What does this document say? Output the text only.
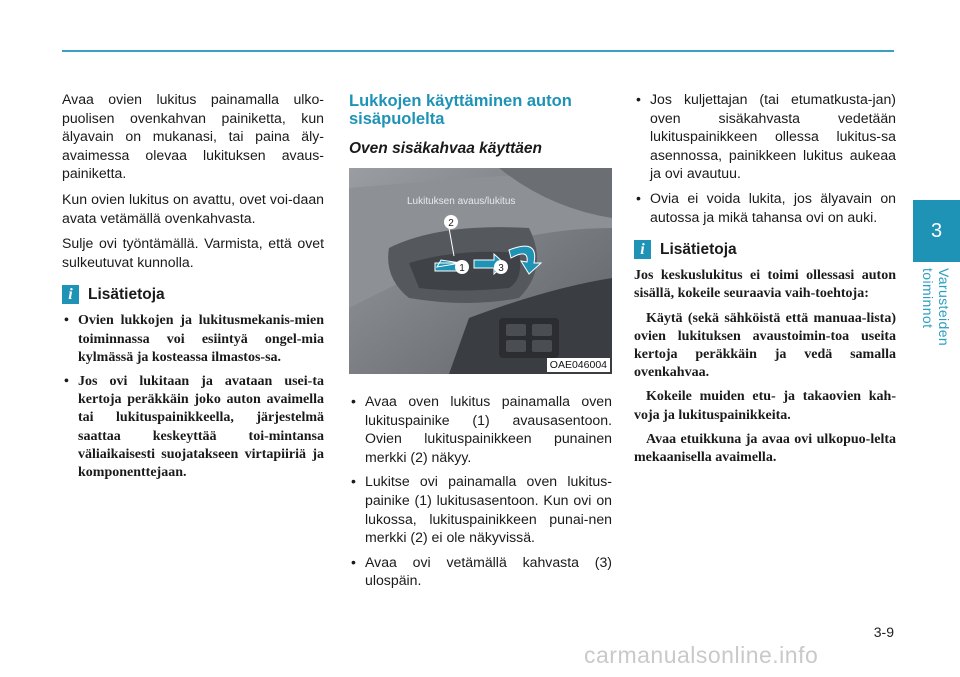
3
Varusteiden toiminnot

Avaa ovien lukitus painamalla ulko-puolisen ovenkahvan painiketta, kun älyavain on mukanasi, tai paina äly-avaimessa olevaa lukituksen avaus-painiketta.

Kun ovien lukitus on avattu, ovet voi-daan avata vetämällä ovenkahvasta.

Sulje ovi työntämällä. Varmista, että ovet sulkeutuvat kunnolla.

i Lisätietoja
• Ovien lukkojen ja lukitusmekanis-mien toiminnassa voi esiintyä ongel-mia kylmässä ja kosteassa ilmastos-sa.
• Jos ovi lukitaan ja avataan usei-ta kertoja peräkkäin joko auton avaimella tai lukituspainikkeella, järjestelmä saattaa keskeyttää toi-mintansa väliaikaisesti suojatakseen virtapiiriä ja komponenttejaan.
Lukkojen käyttäminen auton sisäpuolelta
Oven sisäkahvaa käyttäen
2
1	3
Lukituksen avaus/lukitus
OAE046004
• Avaa oven lukitus painamalla oven lukituspainike (1) avausasentoon. Ovien lukituspainikkeen punainen merkki (2) näkyy.
• Lukitse ovi painamalla oven lukitus-painike (1) lukitusasentoon. Kun ovi on lukossa, lukituspainikkeen punai-nen merkki (2) ei ole näkyvissä.
• Avaa ovi vetämällä kahvasta (3) ulospäin.
• Jos kuljettajan (tai etumatkusta-jan) oven sisäkahvasta vedetään lukituspainikkeen ollessa lukitus-sa asennossa, painikkeen lukitus aukeaa ja ovi avautuu.
• Ovia ei voida lukita, jos älyavain on autossa ja mikä tahansa ovi on auki.
i Lisätietoja

Jos keskuslukitus ei toimi ollessasi auton sisällä, kokeile seuraavia vaih-toehtoja:

Käytä (sekä sähköistä että manuaa-lista) ovien lukituksen avaustoimin-toa useita kertoja peräkkäin ja vedä samalla ovenkahvaa.

Kokeile muiden etu- ja takaovien kah-voja ja lukituspainikkeita.

Avaa etuikkuna ja avaa ovi ulkopuo-lelta mekaanisella avaimella.

3-9
carmanualsonline.info
